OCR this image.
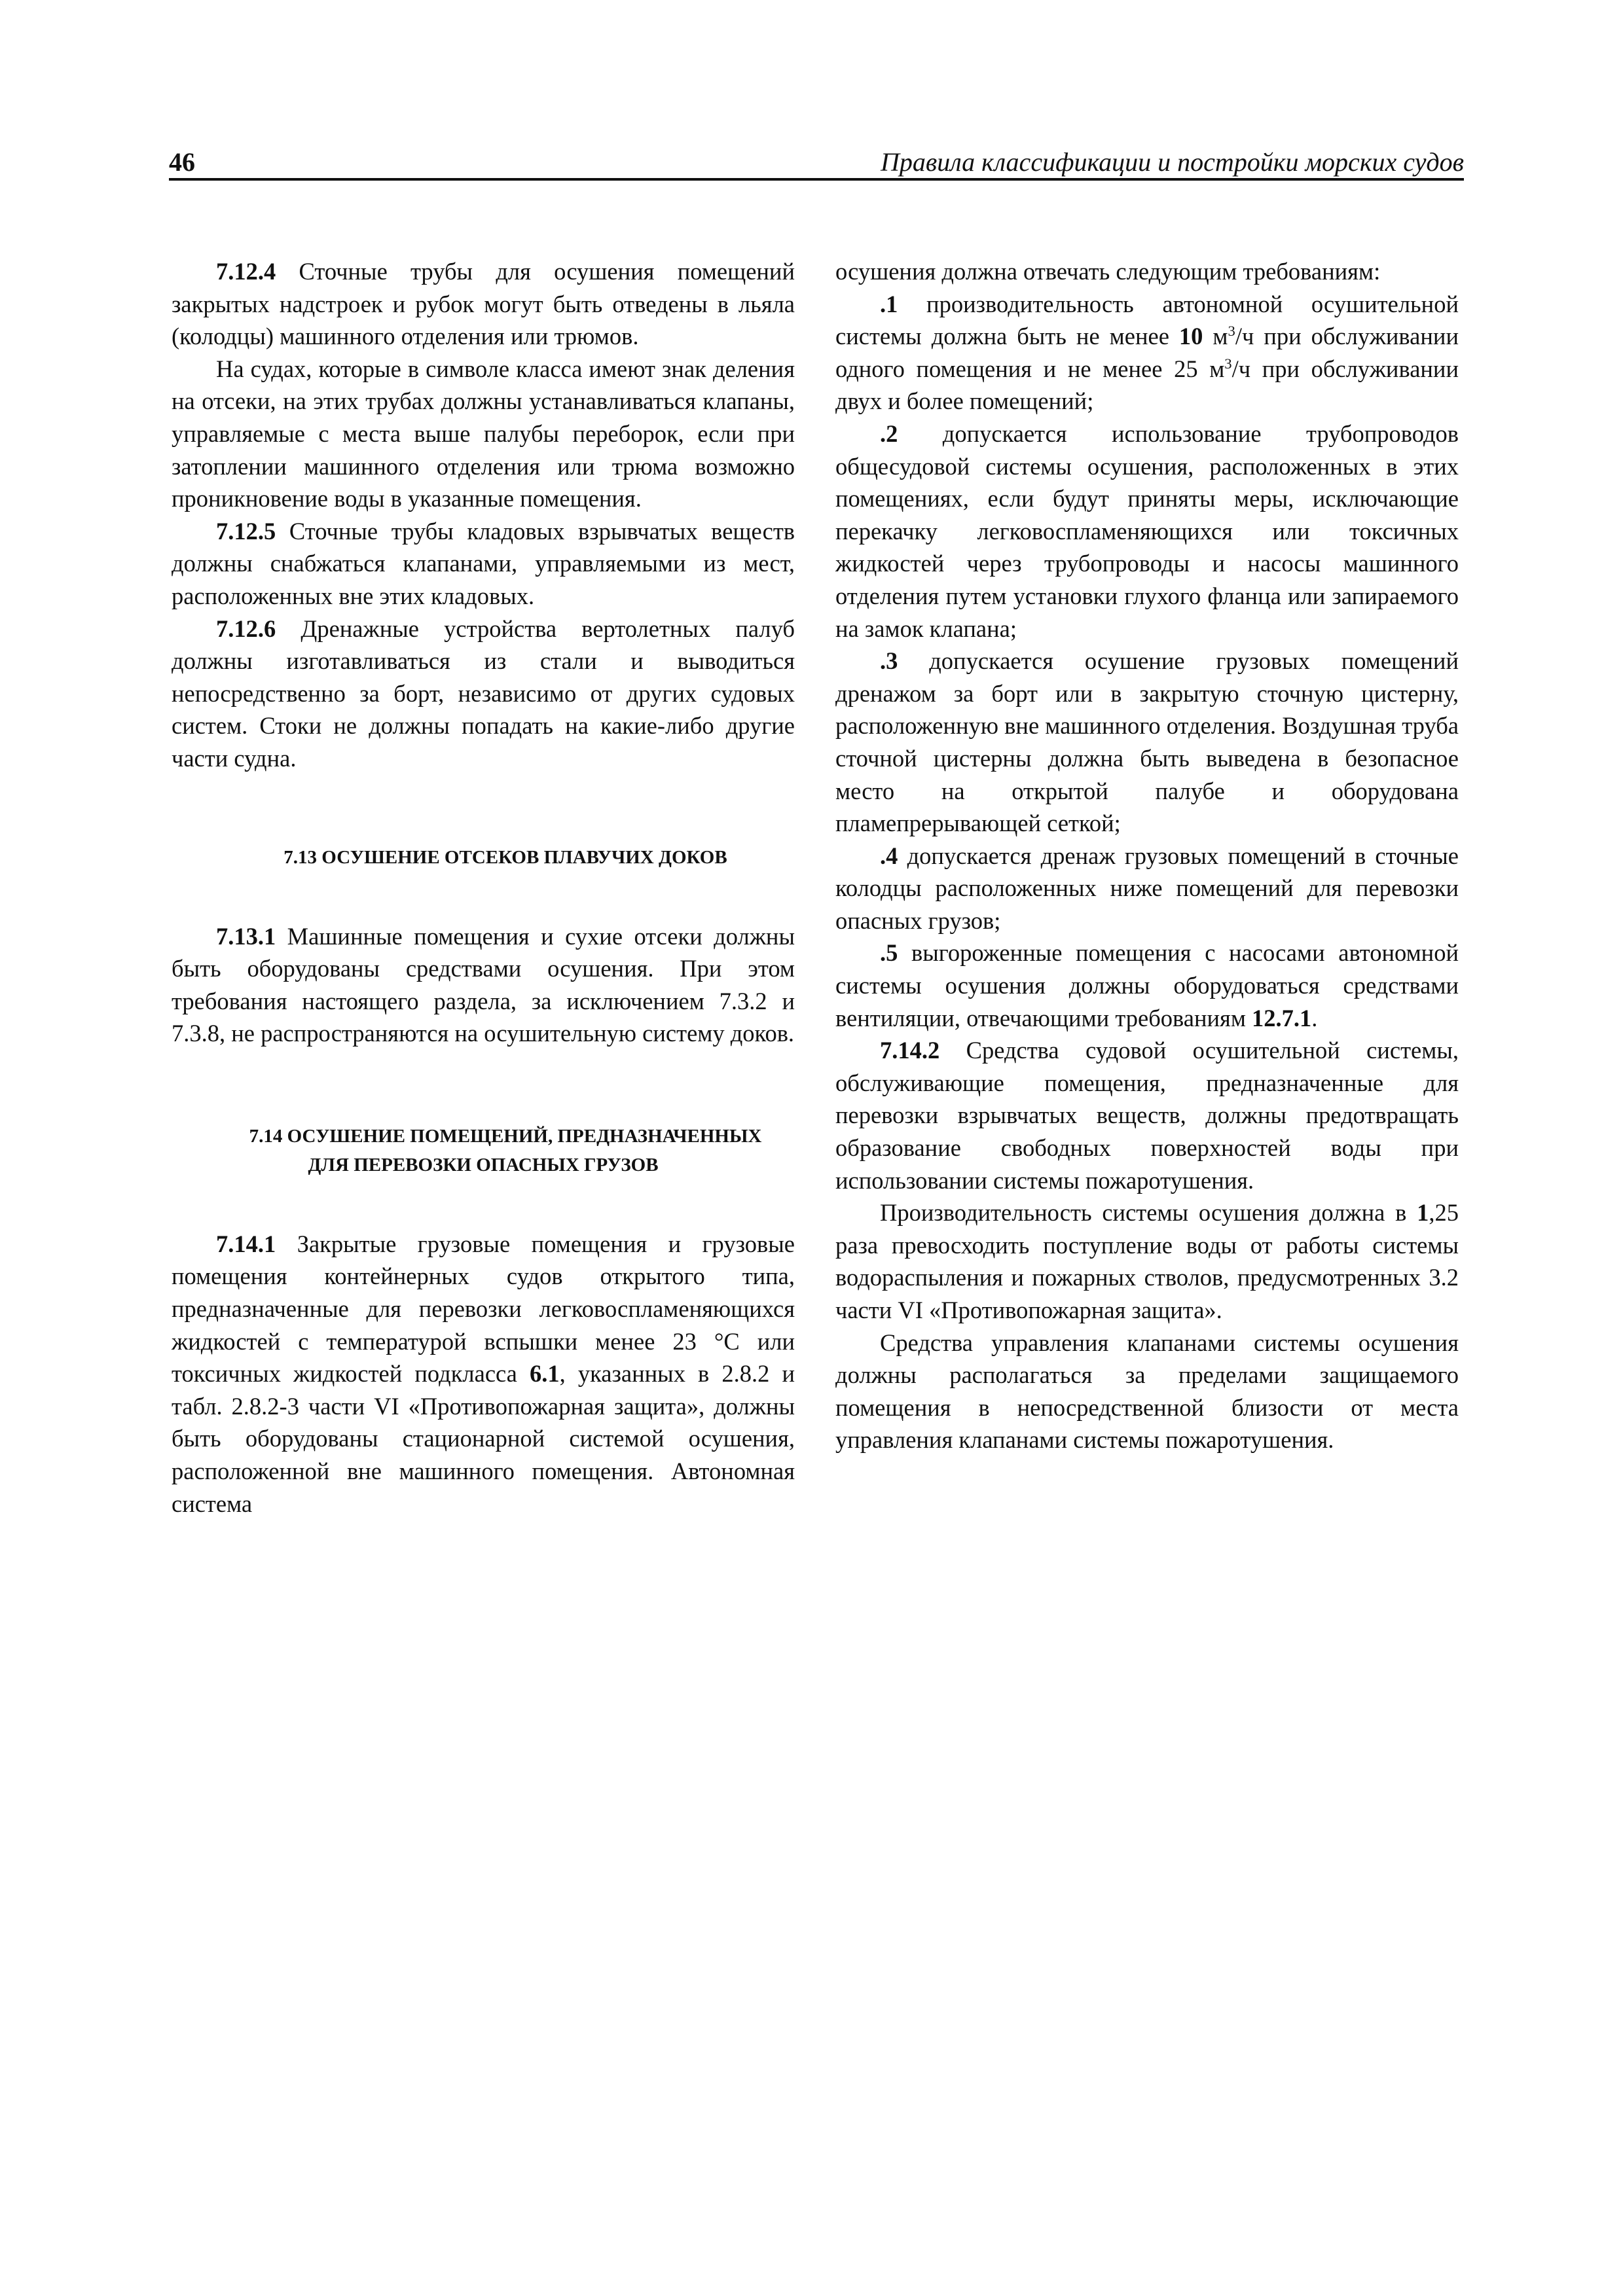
46	Правила классификации и постройки морских судов

7.12.4 Сточные трубы для осушения помещений закрытых надстроек и рубок могут быть отведены в льяла (колодцы) машинного отделения или трюмов.

На судах, которые в символе класса имеют знак деления на отсеки, на этих трубах должны устанавливаться клапаны, управляемые с места выше палубы переборок, если при затоплении машинного отделения или трюма возможно проникновение воды в указанные помещения.

7.12.5 Сточные трубы кладовых взрывчатых веществ должны снабжаться клапанами, управляемыми из мест, расположенных вне этих кладовых.

7.12.6 Дренажные устройства вертолетных палуб должны изготавливаться из стали и выводиться непосредственно за борт, независимо от других судовых систем. Стоки не должны попадать на какие-либо другие части судна.

7.13 ОСУШЕНИЕ ОТСЕКОВ ПЛАВУЧИХ ДОКОВ

7.13.1 Машинные помещения и сухие отсеки должны быть оборудованы средствами осушения. При этом требования настоящего раздела, за исключением 7.3.2 и 7.3.8, не распространяются на осушительную систему доков.

7.14 ОСУШЕНИЕ ПОМЕЩЕНИЙ, ПРЕДНАЗНАЧЕННЫХ
ДЛЯ ПЕРЕВОЗКИ ОПАСНЫХ ГРУЗОВ

7.14.1 Закрытые грузовые помещения и грузовые помещения контейнерных судов открытого типа, предназначенные для перевозки легковоспламеняющихся жидкостей с температурой вспышки менее 23 °С или токсичных жидкостей подкласса 6.1, указанных в 2.8.2 и табл. 2.8.2-3 части VI «Противопожарная защита», должны быть оборудованы стационарной системой осушения, расположенной вне машинного помещения. Автономная система

осушения должна отвечать следующим требованиям:

.1 производительность автономной осушительной системы должна быть не менее 10 $м^3/ч$ при обслуживании одного помещения и не менее 25 $м^3/ч$ при обслуживании двух и более помещений;

.2 допускается использование трубопроводов общесудовой системы осушения, расположенных в этих помещениях, если будут приняты меры, исключающие перекачку легковоспламеняющихся или токсичных жидкостей через трубопроводы и насосы машинного отделения путем установки глухого фланца или запираемого на замок клапана;

.3 допускается осушение грузовых помещений дренажом за борт или в закрытую сточную цистерну, расположенную вне машинного отделения. Воздушная труба сточной цистерны должна быть выведена в безопасное место на открытой палубе и оборудована пламепрерывающей сеткой;

.4 допускается дренаж грузовых помещений в сточные колодцы расположенных ниже помещений для перевозки опасных грузов;

.5 выгороженные помещения с насосами автономной системы осушения должны оборудоваться средствами вентиляции, отвечающими требованиям 12.7.1.

7.14.2 Средства судовой осушительной системы, обслуживающие помещения, предназначенные для перевозки взрывчатых веществ, должны предотвращать образование свободных поверхностей воды при использовании системы пожаротушения.

Производительность системы осушения должна в 1,25 раза превосходить поступление воды от работы системы водораспыления и пожарных стволов, предусмотренных 3.2 части VI «Противопожарная защита».

Средства управления клапанами системы осушения должны располагаться за пределами защищаемого помещения в непосредственной близости от места управления клапанами системы пожаротушения.
